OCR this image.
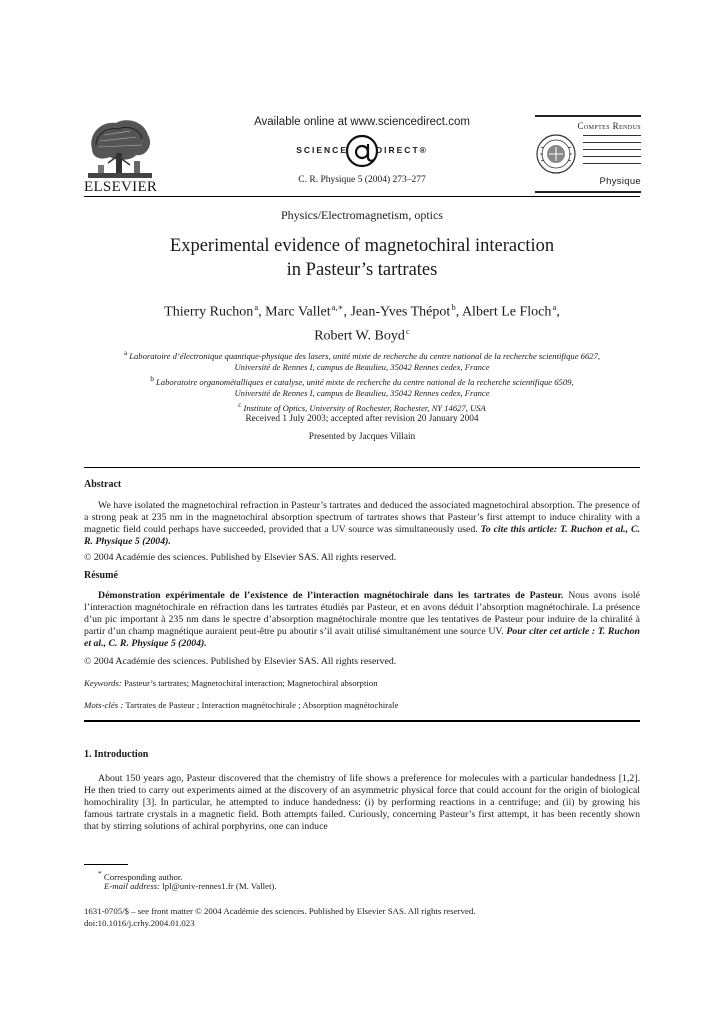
ELSEVIER
Available online at www.sciencedirect.com
SCIENCE	DIRECT®
C. R. Physique 5 (2004) 273–277
Comptes Rendus
Physique
Physics/Electromagnetism, optics
Experimental evidence of magnetochiral interaction
in Pasteur’s tartrates
Thierry Ruchon $^a$, Marc Vallet $^{a,∗}$, Jean-Yves Thépot $^b$, Albert Le Floch $^a$,
Robert W. Boyd $^c$
$^a$ Laboratoire d’électronique quantique-physique des lasers, unité mixte de recherche du centre national de la recherche scientifique 6627,
Université de Rennes I, campus de Beaulieu, 35042 Rennes cedex, France
$^b$ Laboratoire organométalliques et catalyse, unité mixte de recherche du centre national de la recherche scientifique 6509,
Université de Rennes I, campus de Beaulieu, 35042 Rennes cedex, France
$^c$ Institute of Optics, University of Rochester, Rochester, NY 14627, USA
Received 1 July 2003; accepted after revision 20 January 2004
Presented by Jacques Villain
Abstract
We have isolated the magnetochiral refraction in Pasteur’s tartrates and deduced the associated magnetochiral absorption. The presence of a strong peak at 235 nm in the magnetochiral absorption spectrum of tartrates shows that Pasteur’s first attempt to induce chirality with a magnetic field could perhaps have succeeded, provided that a UV source was simultaneously used. To cite this article: T. Ruchon et al., C. R. Physique 5 (2004).
© 2004 Académie des sciences. Published by Elsevier SAS. All rights reserved.
Résumé
Démonstration expérimentale de l’existence de l’interaction magnétochirale dans les tartrates de Pasteur. Nous avons isolé l’interaction magnétochirale en réfraction dans les tartrates étudiés par Pasteur, et en avons déduit l’absorption magnétochirale. La présence d’un pic important à 235 nm dans le spectre d’absorption magnétochirale montre que les tentatives de Pasteur pour induire de la chiralité à partir d’un champ magnétique auraient peut-être pu aboutir s’il avait utilisé simultanément une source UV. Pour citer cet article : T. Ruchon et al., C. R. Physique 5 (2004).
© 2004 Académie des sciences. Published by Elsevier SAS. All rights reserved.
Keywords: Pasteur’s tartrates; Magnetochiral interaction; Magnetochiral absorption
Mots-clés : Tartrates de Pasteur ; Interaction magnétochirale ; Absorption magnétochirale
1. Introduction
About 150 years ago, Pasteur discovered that the chemistry of life shows a preference for molecules with a particular handedness [1,2]. He then tried to carry out experiments aimed at the discovery of an asymmetric physical force that could account for the origin of biological homochirality [3]. In particular, he attempted to induce handedness: (i) by performing reactions in a centrifuge; and (ii) by growing his famous tartrate crystals in a magnetic field. Both attempts failed. Curiously, concerning Pasteur’s first attempt, it has been recently shown that by stirring solutions of achiral porphyrins, one can induce
* Corresponding author.
E-mail address: lpl@univ-rennes1.fr (M. Vallet).
1631-0705/$ – see front matter © 2004 Académie des sciences. Published by Elsevier SAS. All rights reserved.
doi:10.1016/j.crhy.2004.01.023
